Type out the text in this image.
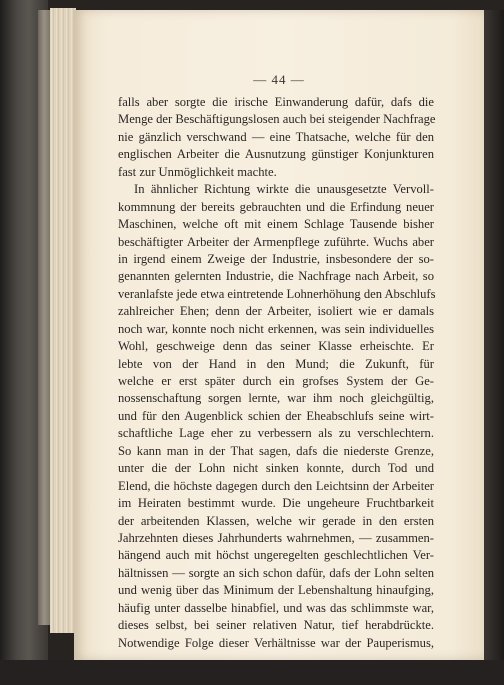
— 44 —
falls aber sorgte die irische Einwanderung dafür, dafs die
Menge der Beschäftigungslosen auch bei steigender Nachfrage
nie gänzlich verschwand — eine Thatsache, welche für den
englischen Arbeiter die Ausnutzung günstiger Konjunkturen
fast zur Unmöglichkeit machte.
In ähnlicher Richtung wirkte die unausgesetzte Vervoll-
kommnung der bereits gebrauchten und die Erfindung neuer
Maschinen, welche oft mit einem Schlage Tausende bisher
beschäftigter Arbeiter der Armenpflege zuführte. Wuchs aber
in irgend einem Zweige der Industrie, insbesondere der so-
genannten gelernten Industrie, die Nachfrage nach Arbeit, so
veranlafste jede etwa eintretende Lohnerhöhung den Abschlufs
zahlreicher Ehen; denn der Arbeiter, isoliert wie er damals
noch war, konnte noch nicht erkennen, was sein individuelles
Wohl, geschweige denn das seiner Klasse erheischte. Er
lebte von der Hand in den Mund; die Zukunft, für
welche er erst später durch ein grofses System der Ge-
nossenschaftung sorgen lernte, war ihm noch gleichgültig,
und für den Augenblick schien der Eheabschlufs seine wirt-
schaftliche Lage eher zu verbessern als zu verschlechtern.
So kann man in der That sagen, dafs die niederste Grenze,
unter die der Lohn nicht sinken konnte, durch Tod und
Elend, die höchste dagegen durch den Leichtsinn der Arbeiter
im Heiraten bestimmt wurde. Die ungeheure Fruchtbarkeit
der arbeitenden Klassen, welche wir gerade in den ersten
Jahrzehnten dieses Jahrhunderts wahrnehmen, — zusammen-
hängend auch mit höchst ungeregelten geschlechtlichen Ver-
hältnissen — sorgte an sich schon dafür, dafs der Lohn selten
und wenig über das Minimum der Lebenshaltung hinaufging,
häufig unter dasselbe hinabfiel, und was das schlimmste war,
dieses selbst, bei seiner relativen Natur, tief herabdrückte.
Notwendige Folge dieser Verhältnisse war der Pauperismus,
